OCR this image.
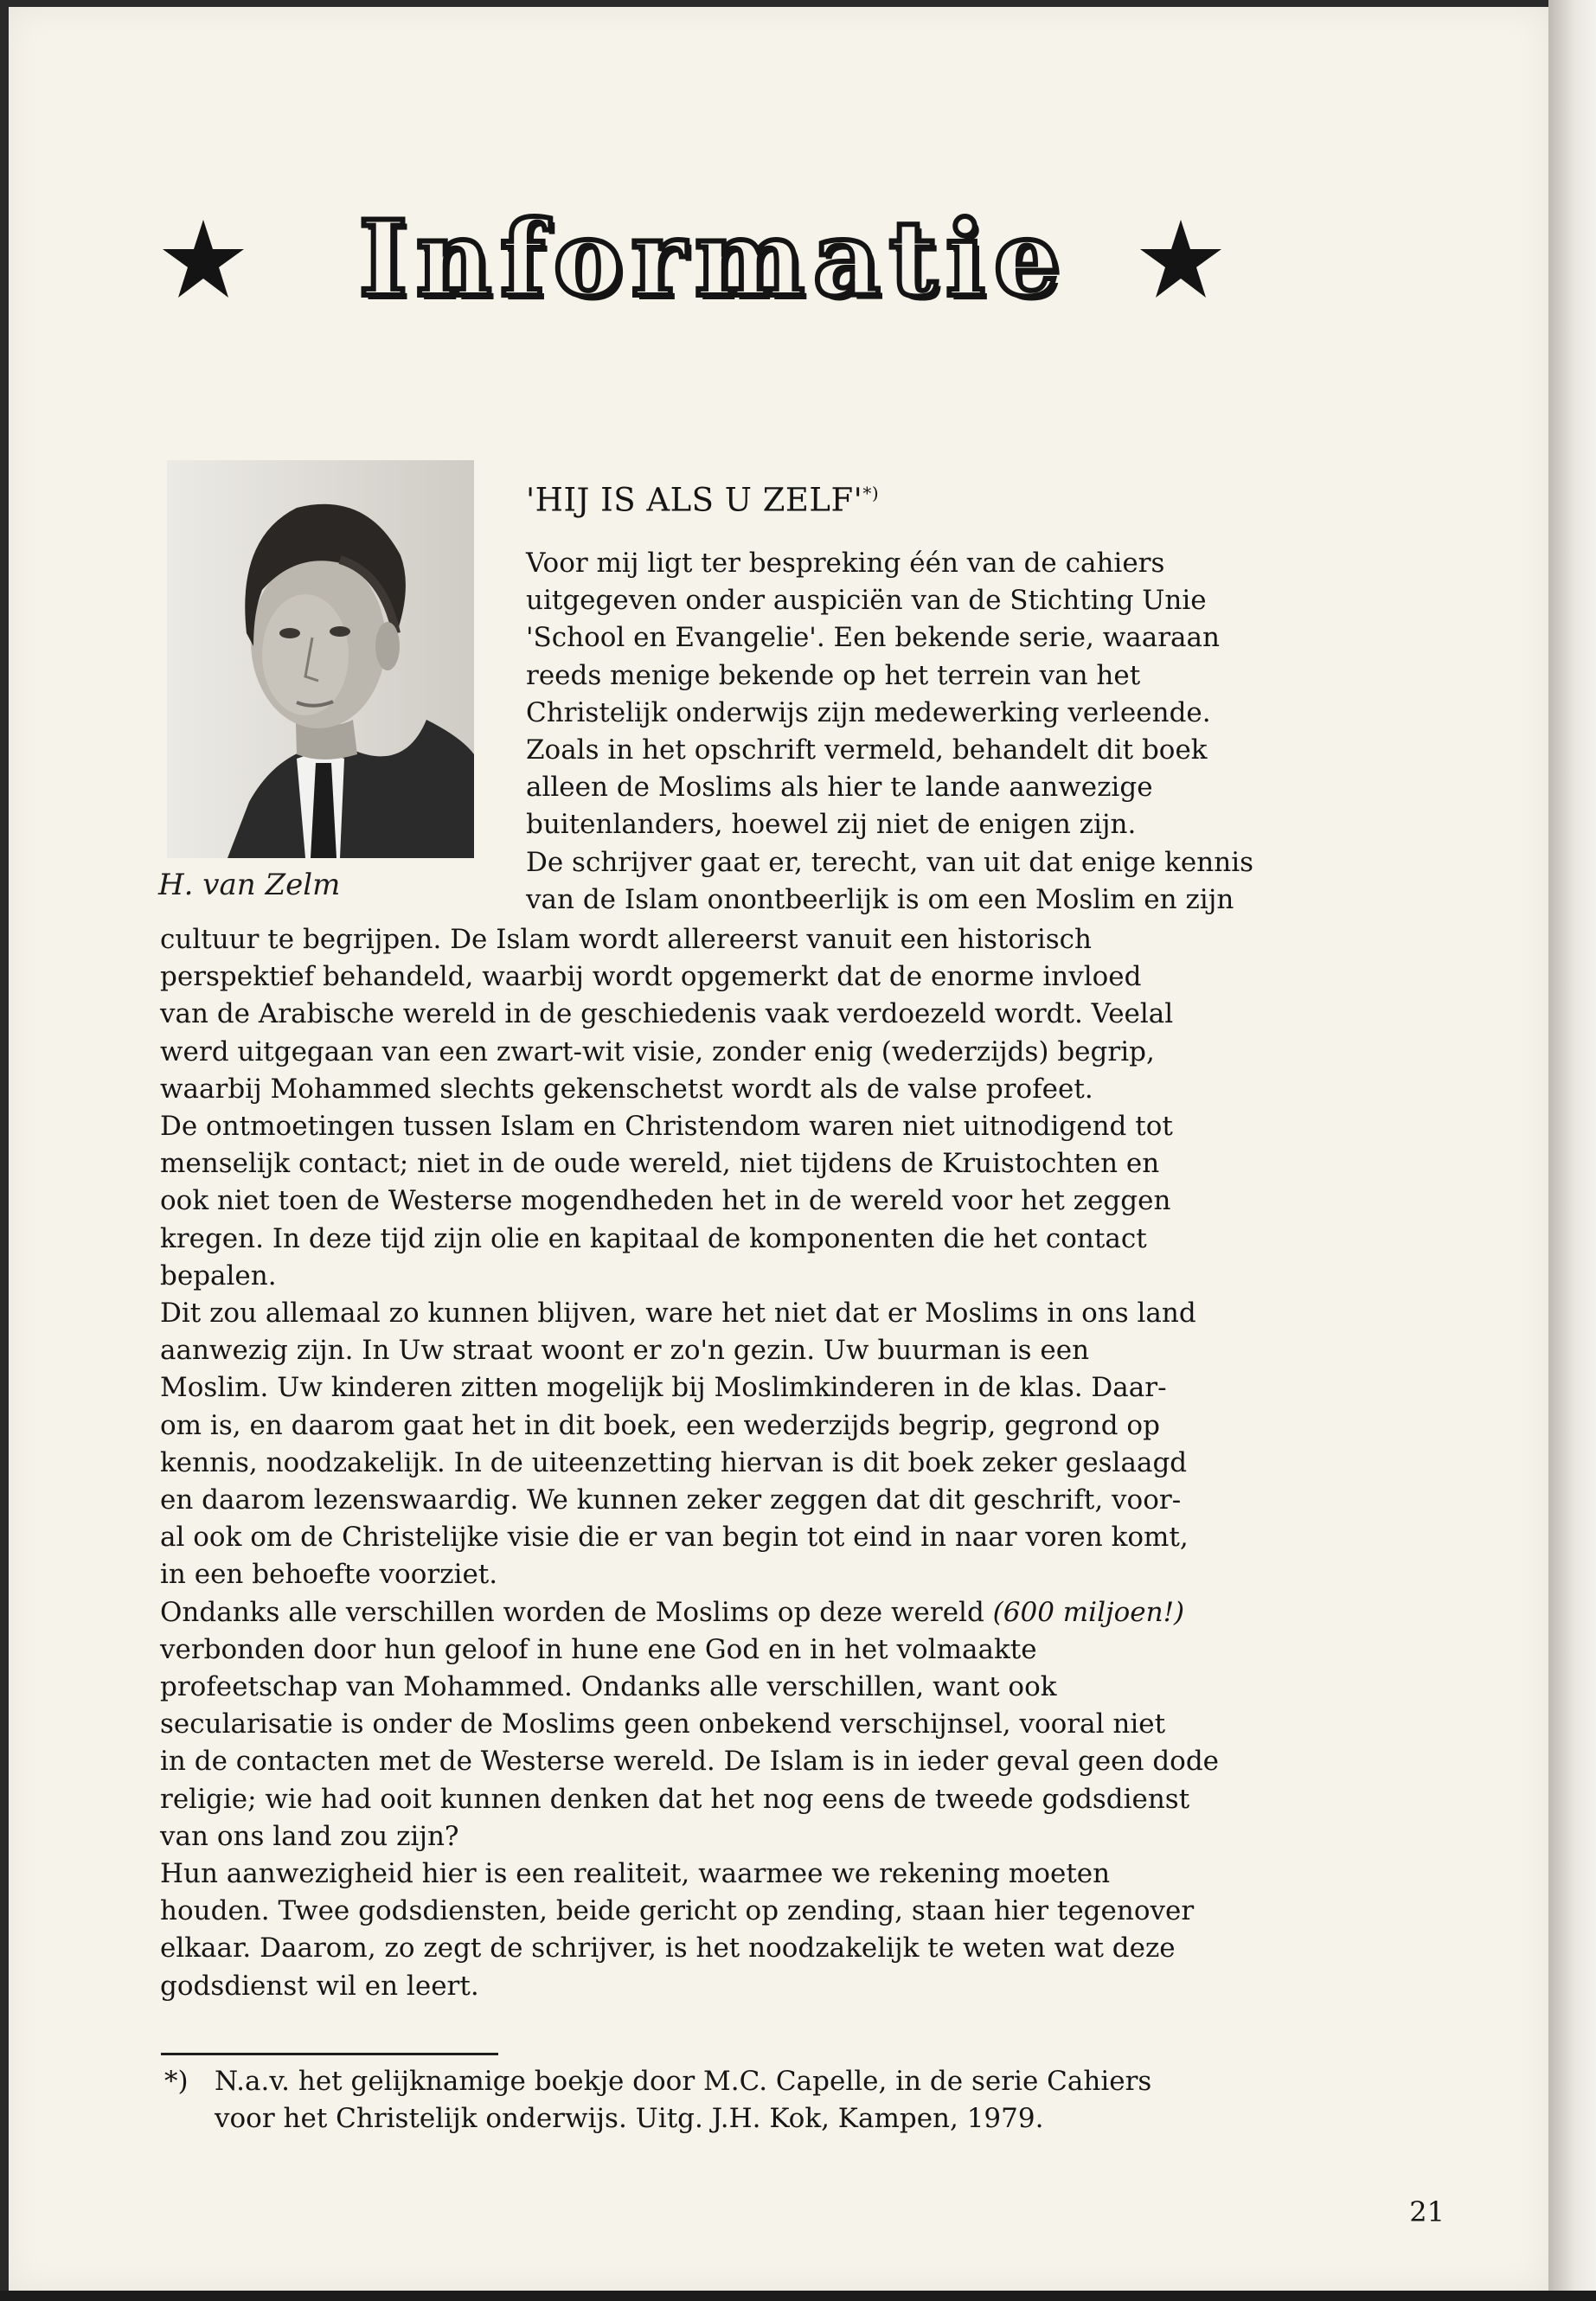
Informatie
H. van Zelm
'HIJ IS ALS U ZELF'*)
Voor mij ligt ter bespreking één van de cahiers
uitgegeven onder auspiciën van de Stichting Unie
'School en Evangelie'. Een bekende serie, waaraan
reeds menige bekende op het terrein van het
Christelijk onderwijs zijn medewerking verleende.
Zoals in het opschrift vermeld, behandelt dit boek
alleen de Moslims als hier te lande aanwezige
buitenlanders, hoewel zij niet de enigen zijn.
De schrijver gaat er, terecht, van uit dat enige kennis
van de Islam onontbeerlijk is om een Moslim en zijn
cultuur te begrijpen. De Islam wordt allereerst vanuit een historisch
perspektief behandeld, waarbij wordt opgemerkt dat de enorme invloed
van de Arabische wereld in de geschiedenis vaak verdoezeld wordt. Veelal
werd uitgegaan van een zwart-wit visie, zonder enig (wederzijds) begrip,
waarbij Mohammed slechts gekenschetst wordt als de valse profeet.
De ontmoetingen tussen Islam en Christendom waren niet uitnodigend tot
menselijk contact; niet in de oude wereld, niet tijdens de Kruistochten en
ook niet toen de Westerse mogendheden het in de wereld voor het zeggen
kregen. In deze tijd zijn olie en kapitaal de komponenten die het contact
bepalen.
Dit zou allemaal zo kunnen blijven, ware het niet dat er Moslims in ons land
aanwezig zijn. In Uw straat woont er zo'n gezin. Uw buurman is een
Moslim. Uw kinderen zitten mogelijk bij Moslimkinderen in de klas. Daar-
om is, en daarom gaat het in dit boek, een wederzijds begrip, gegrond op
kennis, noodzakelijk. In de uiteenzetting hiervan is dit boek zeker geslaagd
en daarom lezenswaardig. We kunnen zeker zeggen dat dit geschrift, voor-
al ook om de Christelijke visie die er van begin tot eind in naar voren komt,
in een behoefte voorziet.
Ondanks alle verschillen worden de Moslims op deze wereld (600 miljoen!)
verbonden door hun geloof in hune ene God en in het volmaakte
profeetschap van Mohammed. Ondanks alle verschillen, want ook
secularisatie is onder de Moslims geen onbekend verschijnsel, vooral niet
in de contacten met de Westerse wereld. De Islam is in ieder geval geen dode
religie; wie had ooit kunnen denken dat het nog eens de tweede godsdienst
van ons land zou zijn?
Hun aanwezigheid hier is een realiteit, waarmee we rekening moeten
houden. Twee godsdiensten, beide gericht op zending, staan hier tegenover
elkaar. Daarom, zo zegt de schrijver, is het noodzakelijk te weten wat deze
godsdienst wil en leert.
*) N.a.v. het gelijknamige boekje door M.C. Capelle, in de serie Cahiers
voor het Christelijk onderwijs. Uitg. J.H. Kok, Kampen, 1979.
21
